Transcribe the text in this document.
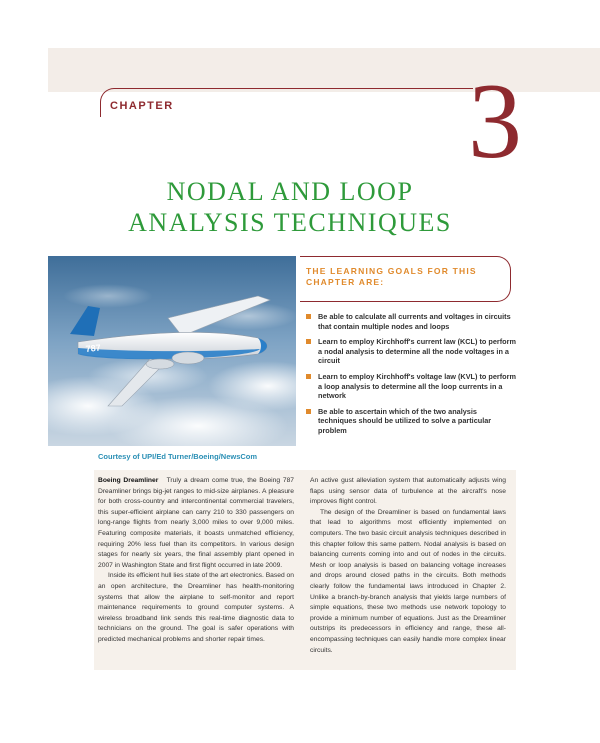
CHAPTER	3
NODAL AND LOOP
ANALYSIS TECHNIQUES
787
Courtesy of UPI/Ed Turner/Boeing/NewsCom
THE LEARNING GOALS FOR THIS
CHAPTER ARE:
Be able to calculate all currents and voltages in circuits that contain multiple nodes and loops
Learn to employ Kirchhoff's current law (KCL) to perform a nodal analysis to determine all the node voltages in a circuit
Learn to employ Kirchhoff's voltage law (KVL) to perform a loop analysis to determine all the loop currents in a network
Be able to ascertain which of the two analysis techniques should be utilized to solve a particular problem

Boeing Dreamliner Truly a dream come true, the Boeing 787 Dreamliner brings big-jet ranges to mid-size airplanes. A pleasure for both cross-country and intercontinental commercial travelers, this super-efficient airplane can carry 210 to 330 passengers on long-range flights from nearly 3,000 miles to over 9,000 miles. Featuring composite materials, it boasts unmatched efficiency, requiring 20% less fuel than its competitors. In various design stages for nearly six years, the final assembly plant opened in 2007 in Washington State and first flight occurred in late 2009.

Inside its efficient hull lies state of the art electronics. Based on an open architecture, the Dreamliner has health-monitoring systems that allow the airplane to self-monitor and report maintenance requirements to ground computer systems. A wireless broadband link sends this real-time diagnostic data to technicians on the ground. The goal is safer operations with predicted mechanical problems and shorter repair times.

An active gust alleviation system that automatically adjusts wing flaps using sensor data of turbulence at the aircraft's nose improves flight control.

The design of the Dreamliner is based on fundamental laws that lead to algorithms most efficiently implemented on computers. The two basic circuit analysis techniques described in this chapter follow this same pattern. Nodal analysis is based on balancing currents coming into and out of nodes in the circuits. Mesh or loop analysis is based on balancing voltage increases and drops around closed paths in the circuits. Both methods clearly follow the fundamental laws introduced in Chapter 2. Unlike a branch-by-branch analysis that yields large numbers of simple equations, these two methods use network topology to provide a minimum number of equations. Just as the Dreamliner outstrips its predecessors in efficiency and range, these all-encompassing techniques can easily handle more complex linear circuits.
